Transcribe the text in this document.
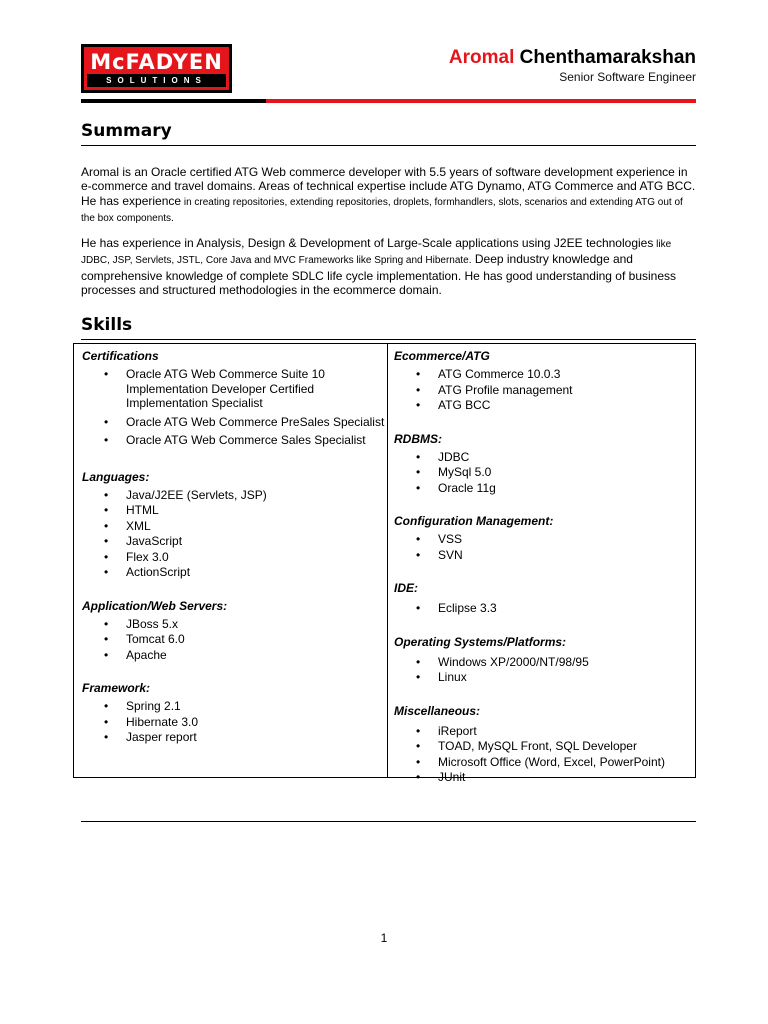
McFADYEN
SOLUTIONS
Aromal Chenthamarakshan
Senior Software Engineer
Summary

Aromal is an Oracle certified ATG Web commerce developer with 5.5 years of software development experience in e-commerce and travel domains. Areas of technical expertise include ATG Dynamo, ATG Commerce and ATG BCC. He has experience in creating repositories, extending repositories, droplets, formhandlers, slots, scenarios and extending ATG out of the box components.

He has experience in Analysis, Design & Development of Large-Scale applications using J2EE technologies like JDBC, JSP, Servlets, JSTL, Core Java and MVC Frameworks like Spring and Hibernate. Deep industry knowledge and comprehensive knowledge of complete SDLC life cycle implementation. He has good understanding of business processes and structured methodologies in the ecommerce domain.

Skills

Certifications

• Oracle ATG Web Commerce Suite 10 Implementation Developer Certified Implementation Specialist
• Oracle ATG Web Commerce PreSales Specialist
• Oracle ATG Web Commerce Sales Specialist

Languages:

• Java/J2EE (Servlets, JSP)
• HTML
• XML
• JavaScript
• Flex 3.0
• ActionScript

Application/Web Servers:

• JBoss 5.x
• Tomcat 6.0
• Apache

Framework:

• Spring 2.1
• Hibernate 3.0
• Jasper report

Ecommerce/ATG

• ATG Commerce 10.0.3
• ATG Profile management
• ATG BCC

RDBMS:

• JDBC
• MySql 5.0
• Oracle 11g

Configuration Management:

• VSS
• SVN

IDE:

• Eclipse 3.3

Operating Systems/Platforms:

• Windows XP/2000/NT/98/95
• Linux

Miscellaneous:

• iReport
• TOAD, MySQL Front, SQL Developer
• Microsoft Office (Word, Excel, PowerPoint)
• JUnit
1
